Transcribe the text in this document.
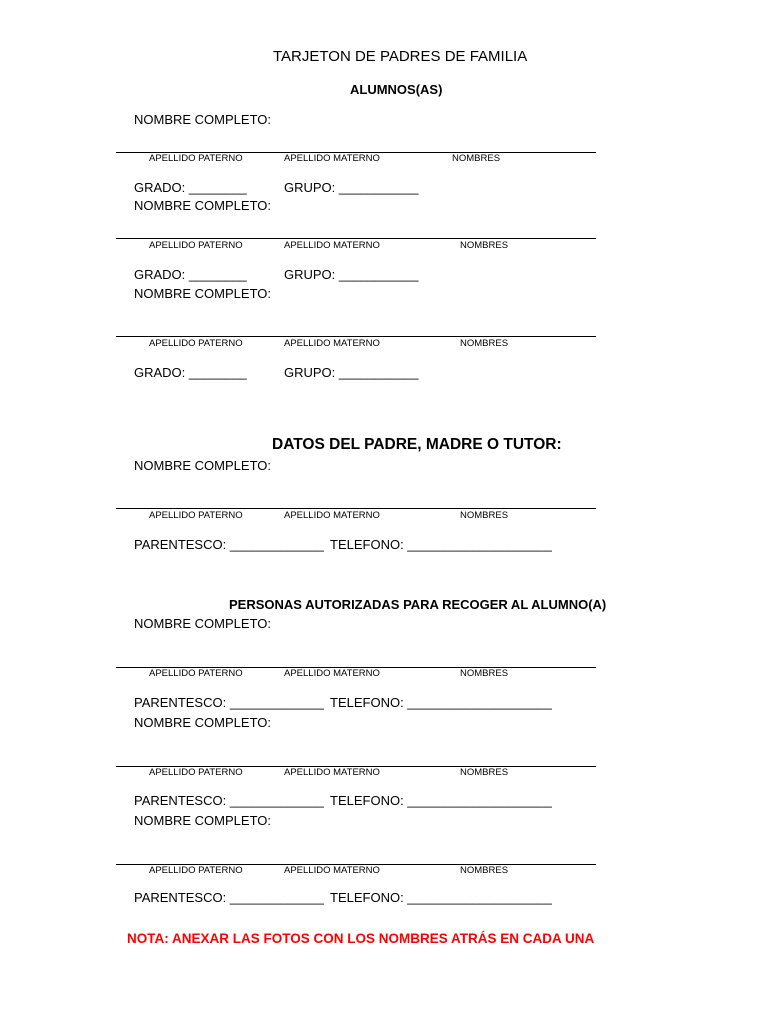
TARJETON DE PADRES DE FAMILIA
ALUMNOS(AS)
NOMBRE COMPLETO:
APELLIDO PATERNO	APELLIDO MATERNO	NOMBRES
GRADO: ________	GRUPO: ___________
NOMBRE COMPLETO:
APELLIDO PATERNO	APELLIDO MATERNO	NOMBRES
GRADO: ________	GRUPO: ___________
NOMBRE COMPLETO:
APELLIDO PATERNO	APELLIDO MATERNO	NOMBRES
GRADO: ________	GRUPO: ___________
DATOS DEL PADRE, MADRE O TUTOR:
NOMBRE COMPLETO:
APELLIDO PATERNO	APELLIDO MATERNO	NOMBRES
PARENTESCO: _____________ TELEFONO: ____________________
PERSONAS AUTORIZADAS PARA RECOGER AL ALUMNO(A)
NOMBRE COMPLETO:
APELLIDO PATERNO	APELLIDO MATERNO	NOMBRES
PARENTESCO: _____________ TELEFONO: ____________________
NOMBRE COMPLETO:
APELLIDO PATERNO	APELLIDO MATERNO	NOMBRES
PARENTESCO: _____________ TELEFONO: ____________________
NOMBRE COMPLETO:
APELLIDO PATERNO	APELLIDO MATERNO	NOMBRES
PARENTESCO: _____________ TELEFONO: ____________________
NOTA: ANEXAR LAS FOTOS CON LOS NOMBRES ATRÁS EN CADA UNA
